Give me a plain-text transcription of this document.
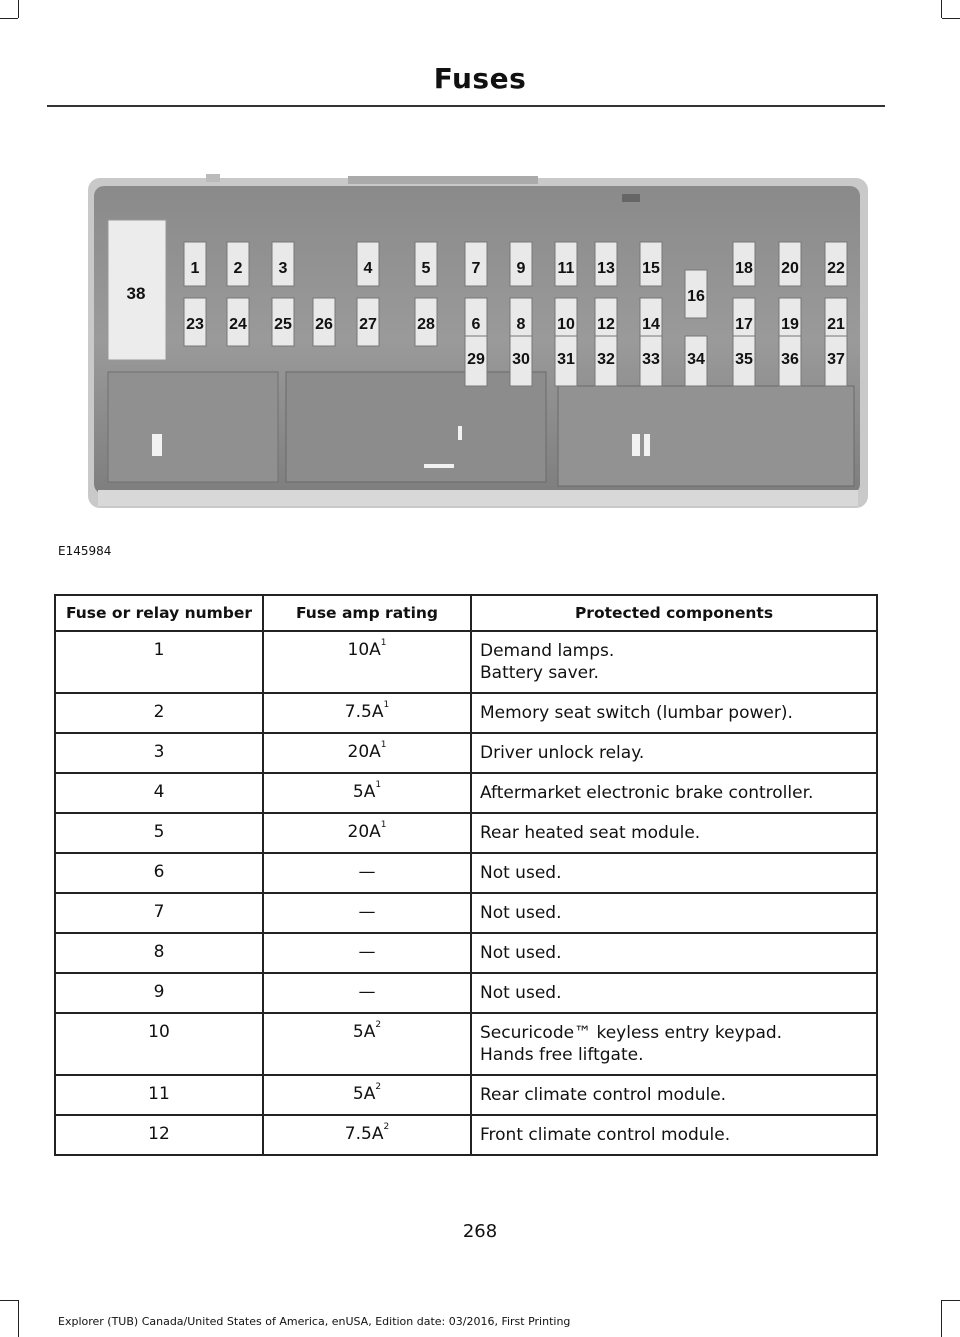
Fuses
38
1 2 3	4	5	7 9 11 13 15	18 20 22
23 24 25 26 27	28 6 8 10 12 14
16
17 19 21
29 30 31 32 33 34 35 36 37
E145984
Fuse or relay number	Fuse amp rating	Protected components
1	$10A^1$	Demand lamps.
Battery saver.

2	$7.5A^1$	Memory seat switch (lumbar power).

3	$20A^1$	Driver unlock relay.

4	$5A^1$	Aftermarket electronic brake controller.

5	$20A^1$	Rear heated seat module.

6	—	Not used.

7	—	Not used.

8	—	Not used.

9	—	Not used.

10	$5A^2$	Securicode™ keyless entry keypad.
Hands free liftgate.

11	$5A^2$	Rear climate control module.

12	$7.5A^2$	Front climate control module.
268
Explorer (TUB) Canada/United States of America, enUSA, Edition date: 03/2016, First Printing
